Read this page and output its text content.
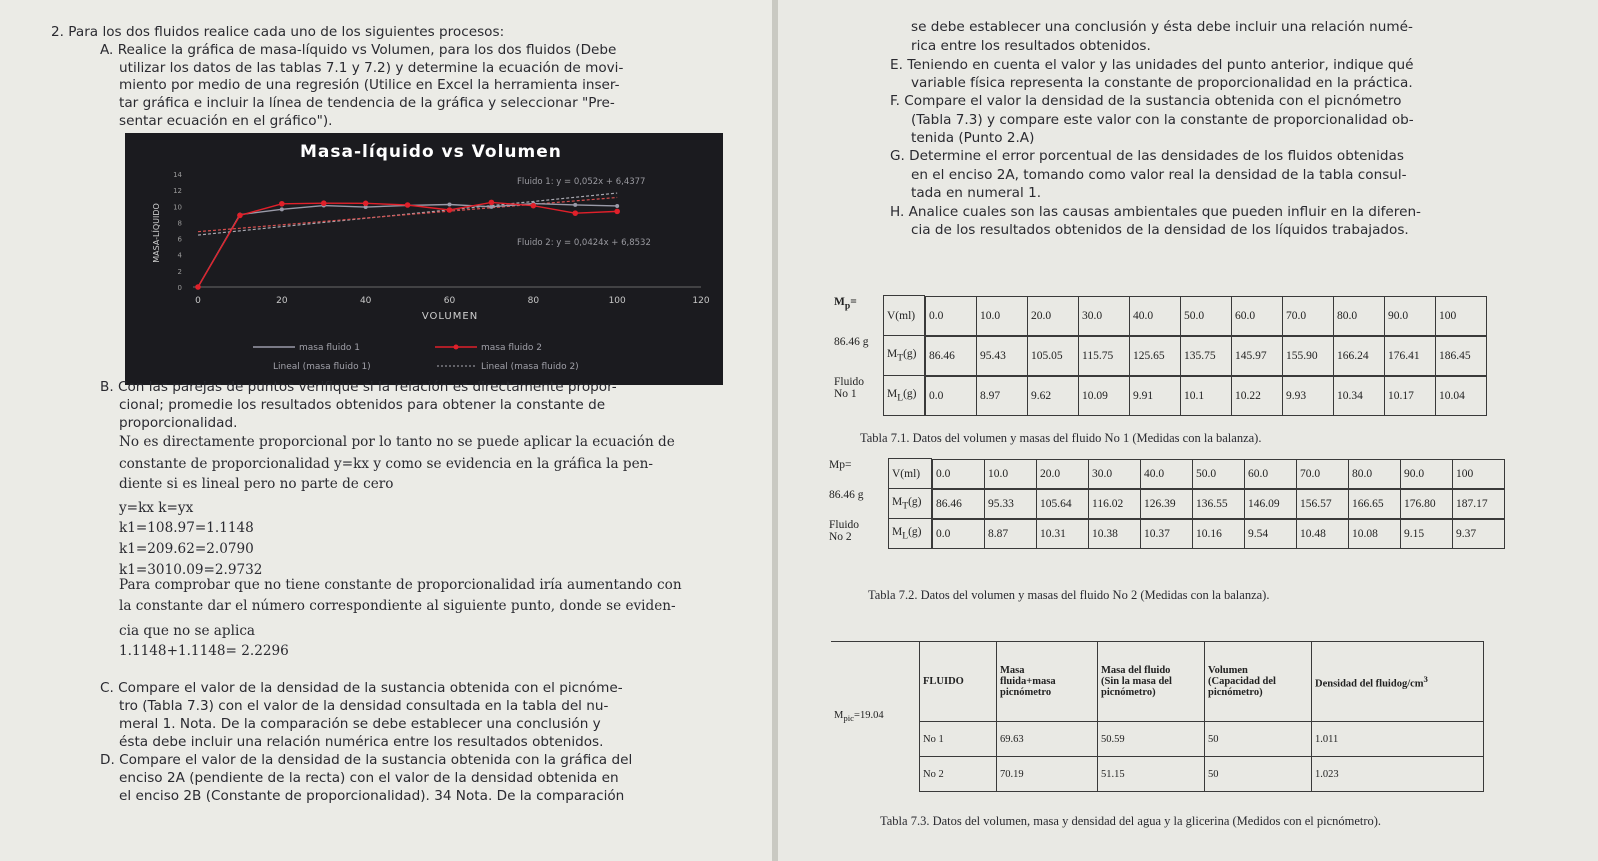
2. Para los dos fluidos realice cada uno de los siguientes procesos:
A. Realice la gráfica de masa-líquido vs Volumen, para los dos fluidos (Debe
utilizar los datos de las tablas 7.1 y 7.2) y determine la ecuación de movi-
miento por medio de una regresión (Utilice en Excel la herramienta inser-
tar gráfica e incluir la línea de tendencia de la gráfica y seleccionar "Pre-
sentar ecuación en el gráfico").
Masa-líquido vs Volumen
MASA-LÍQUIDO
VOLUMEN
Fluido 1: y = 0,052x + 6,4377
Fluido 2: y = 0,0424x + 6,8532
0	20	40	60	80	100	120
0
2
4
6
8
10
12
14
masa fluido 1	masa fluido 2
Lineal (masa fluido 1)	Lineal (masa fluido 2)
B. Con las parejas de puntos verifique si la relación es directamente propor-
cional; promedie los resultados obtenidos para obtener la constante de
proporcionalidad.
No es directamente proporcional por lo tanto no se puede aplicar la ecuación de
constante de proporcionalidad y=kx y como se evidencia en la gráfica la pen-
diente si es lineal pero no parte de cero
y=kx k=yx
k1=108.97=1.1148
k1=209.62=2.0790
k1=3010.09=2.9732
Para comprobar que no tiene constante de proporcionalidad iría aumentando con
la constante dar el número correspondiente al siguiente punto, donde se eviden-
cia que no se aplica
1.1148+1.1148= 2.2296
C. Compare el valor de la densidad de la sustancia obtenida con el picnóme-
tro (Tabla 7.3) con el valor de la densidad consultada en la tabla del nu-
meral 1. Nota. De la comparación se debe establecer una conclusión y
ésta debe incluir una relación numérica entre los resultados obtenidos.
D. Compare el valor de la densidad de la sustancia obtenida con la gráfica del
enciso 2A (pendiente de la recta) con el valor de la densidad obtenida en
el enciso 2B (Constante de proporcionalidad). 34 Nota. De la comparación
se debe establecer una conclusión y ésta debe incluir una relación numé-
rica entre los resultados obtenidos.
E. Teniendo en cuenta el valor y las unidades del punto anterior, indique qué
variable física representa la constante de proporcionalidad en la práctica.
F. Compare el valor la densidad de la sustancia obtenida con el picnómetro
(Tabla 7.3) y compare este valor con la constante de proporcionalidad ob-
tenida (Punto 2.A)
G. Determine el error porcentual de las densidades de los fluidos obtenidas
en el enciso 2A, tomando como valor real la densidad de la tabla consul-
tada en numeral 1.
H. Analice cuales son las causas ambientales que pueden influir en la diferen-
cia de los resultados obtenidos de la densidad de los líquidos trabajados.
$M_p=$	V(ml)	0.0	10.0	20.0	30.0	40.0	50.0	60.0	70.0	80.0	90.0	100

86.46 g	$M_T(g)$	86.46	95.43	105.05	115.75	125.65	135.75	145.97	155.90	166.24	176.41	186.45

Fluido
No 1	$M_L(g)$	0.0	8.97	9.62	10.09	9.91	10.1	10.22	9.93	10.34	10.17	10.04
Tabla 7.1. Datos del volumen y masas del fluido No 1 (Medidas con la balanza).
Mp=	V(ml)	0.0	10.0	20.0	30.0	40.0	50.0	60.0	70.0	80.0	90.0	100

86.46 g	$M_T(g)$	86.46	95.33	105.64	116.02	126.39	136.55	146.09	156.57	166.65	176.80	187.17

Fluido
No 2	$M_L(g)$	0.0	8.87	10.31	10.38	10.37	10.16	9.54	10.48	10.08	9.15	9.37
Tabla 7.2. Datos del volumen y masas del fluido No 2 (Medidas con la balanza).
$M_{pic}=19.04$	FLUIDO	Masa
fluida+masa
picnómetro	Masa del fluido
(Sin la masa del
picnómetro)	Volumen
(Capacidad del
picnómetro)	Densidad del fluidog/$cm^3$
	No 1	69.63	50.59	50	1.011
	No 2	70.19	51.15	50	1.023
Tabla 7.3. Datos del volumen, masa y densidad del agua y la glicerina (Medidos con el picnómetro).
